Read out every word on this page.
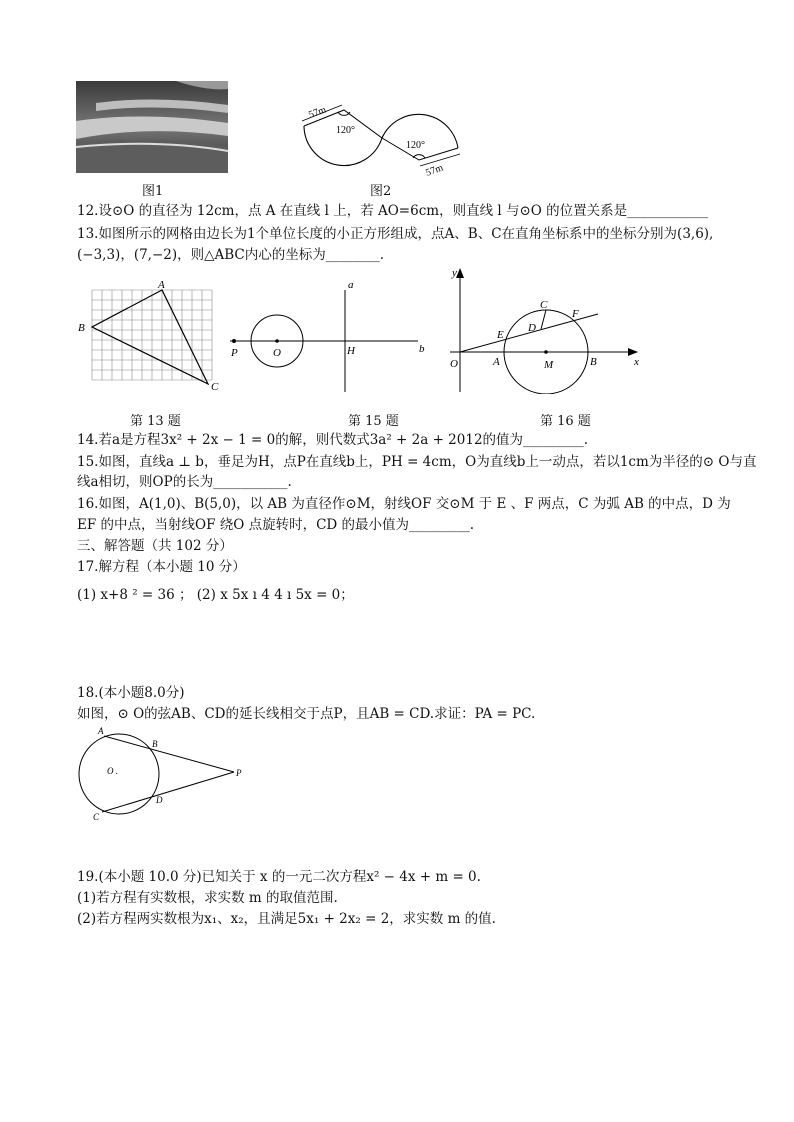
图1
57m
120°
120°
57m
图2
12.设⊙O 的直径为 12cm，点 A 在直线 l 上，若 AO=6cm，则直线 l 与⊙O 的位置关系是____________
13.如图所示的网格由边长为1个单位长度的小正方形组成，点A、B、C在直角坐标系中的坐标分别为(3,6),
(−3,3)，(7,−2)，则△ABC内心的坐标为________.
A
B
C
第 13 题
a
b
P	O	H
第 15 题
y
x
O	A	M	B
E
D
C
F
第 16 题
14.若a是方程3x² + 2x − 1 = 0的解，则代数式3a² + 2a + 2012的值为_________.
15.如图，直线a ⊥ b，垂足为H，点P在直线b上，PH = 4cm，O为直线b上一动点，若以1cm为半径的⊙ O与直
线a相切，则OP的长为___________.
16.如图，A(1,0)、B(5,0)，以 AB 为直径作⊙M，射线OF 交⊙M 于 E 、F 两点，C 为弧 AB 的中点，D 为
EF 的中点，当射线OF 绕O 点旋转时，CD 的最小值为_________.
三、解答题（共 102 分）
17.解方程（本小题 10 分）
(1) x+8 ² = 36 ； (2) x 5x ı 4 4 ı 5x = 0；
18.(本小题8.0分)
如图，⊙ O的弦AB、CD的延长线相交于点P，且AB = CD.求证：PA = PC.
A
B
C
D
O .	P
19.(本小题 10.0 分)已知关于 x 的一元二次方程x² − 4x + m = 0.
(1)若方程有实数根，求实数 m 的取值范围.
(2)若方程两实数根为x₁、x₂，且满足5x₁ + 2x₂ = 2，求实数 m 的值.
